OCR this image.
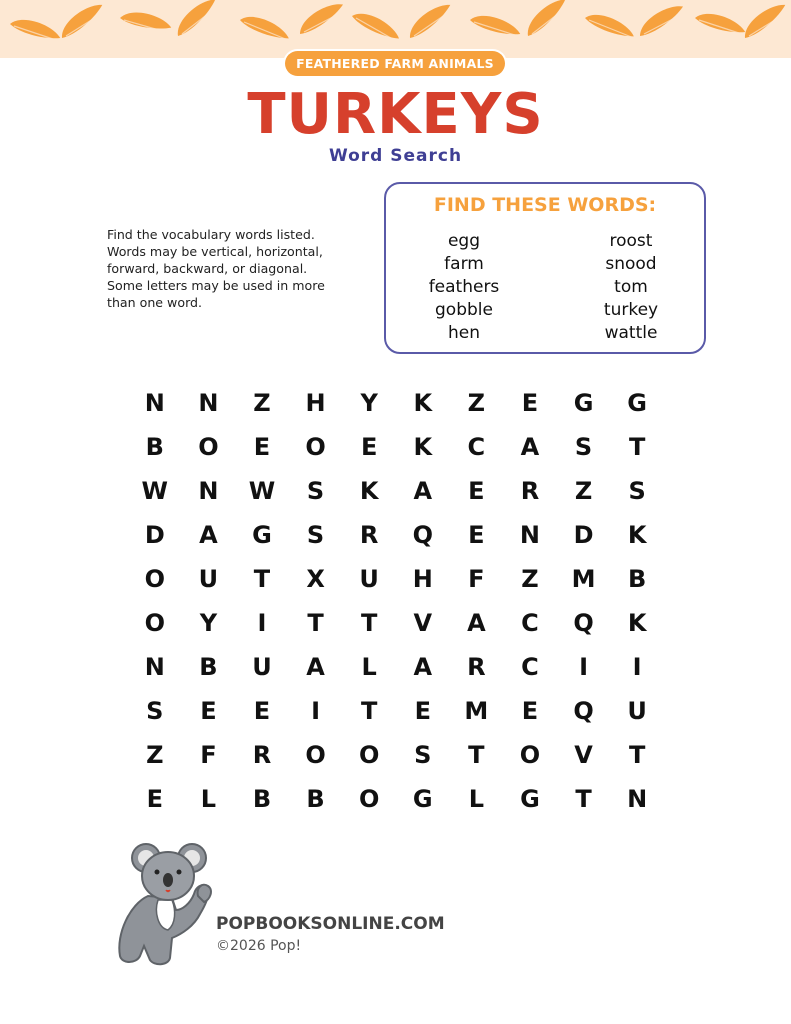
FEATHERED FARM ANIMALS
TURKEYS
Word Search
Find the vocabulary words listed.
Words may be vertical, horizontal,
forward, backward, or diagonal.
Some letters may be used in more
than one word.
FIND THESE WORDS:
egg
farm
feathers
gobble
hen
roost
snood
tom
turkey
wattle
N	N	Z	H	Y	K	Z	E	G	G
B	O	E	O	E	K	C	A	S	T
W	N	W	S	K	A	E	R	Z	S
D	A	G	S	R	Q	E	N	D	K
O	U	T	X	U	H	F	Z	M	B
O	Y	I	T	T	V	A	C	Q	K
N	B	U	A	L	A	R	C	I	I
S	E	E	I	T	E	M	E	Q	U
Z	F	R	O	O	S	T	O	V	T
E	L	B	B	O	G	L	G	T	N
POPBOOKSONLINE.COM
©2026 Pop!
